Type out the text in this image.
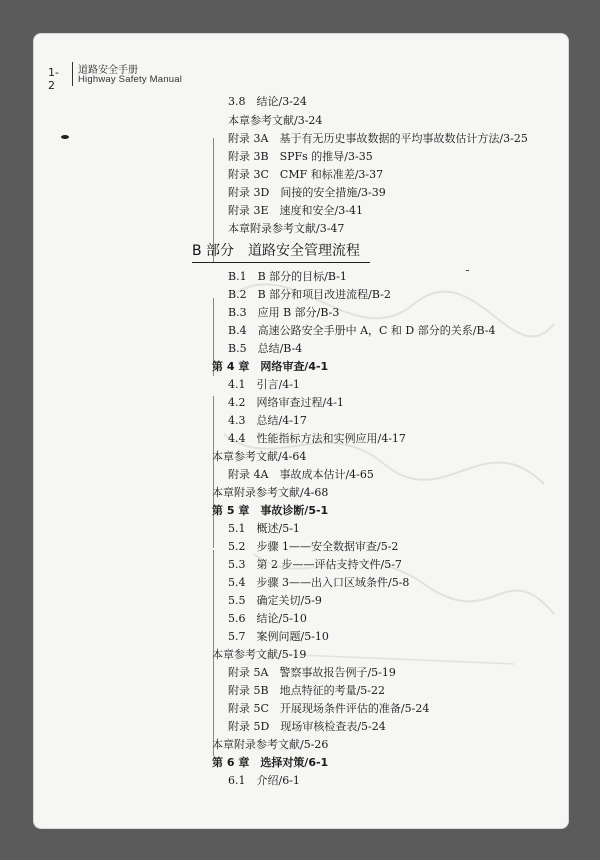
1-2
道路安全手册
Highway Safety Manual
3.8　结论/3-24
本章参考文献/3-24
附录 3A　基于有无历史事故数据的平均事故数估计方法/3-25
附录 3B　SPFs 的推导/3-35
附录 3C　CMF 和标准差/3-37
附录 3D　间接的安全措施/3-39
附录 3E　速度和安全/3-41
本章附录参考文献/3-47
B 部分　道路安全管理流程
B.1　B 部分的目标/B-1
B.2　B 部分和项目改进流程/B-2
B.3　应用 B 部分/B-3
B.4　高速公路安全手册中 A，C 和 D 部分的关系/B-4
B.5　总结/B-4
第 4 章　网络审查/4-1
4.1　引言/4-1
4.2　网络审查过程/4-1
4.3　总结/4-17
4.4　性能指标方法和实例应用/4-17
本章参考文献/4-64
附录 4A　事故成本估计/4-65
本章附录参考文献/4-68
第 5 章　事故诊断/5-1
5.1　概述/5-1
5.2　步骤 1——安全数据审查/5-2
5.3　第 2 步——评估支持文件/5-7
5.4　步骤 3——出入口区域条件/5-8
5.5　确定关切/5-9
5.6　结论/5-10
5.7　案例问题/5-10
本章参考文献/5-19
附录 5A　警察事故报告例子/5-19
附录 5B　地点特征的考量/5-22
附录 5C　开展现场条件评估的准备/5-24
附录 5D　现场审核检查表/5-24
本章附录参考文献/5-26
第 6 章　选择对策/6-1
6.1　介绍/6-1
